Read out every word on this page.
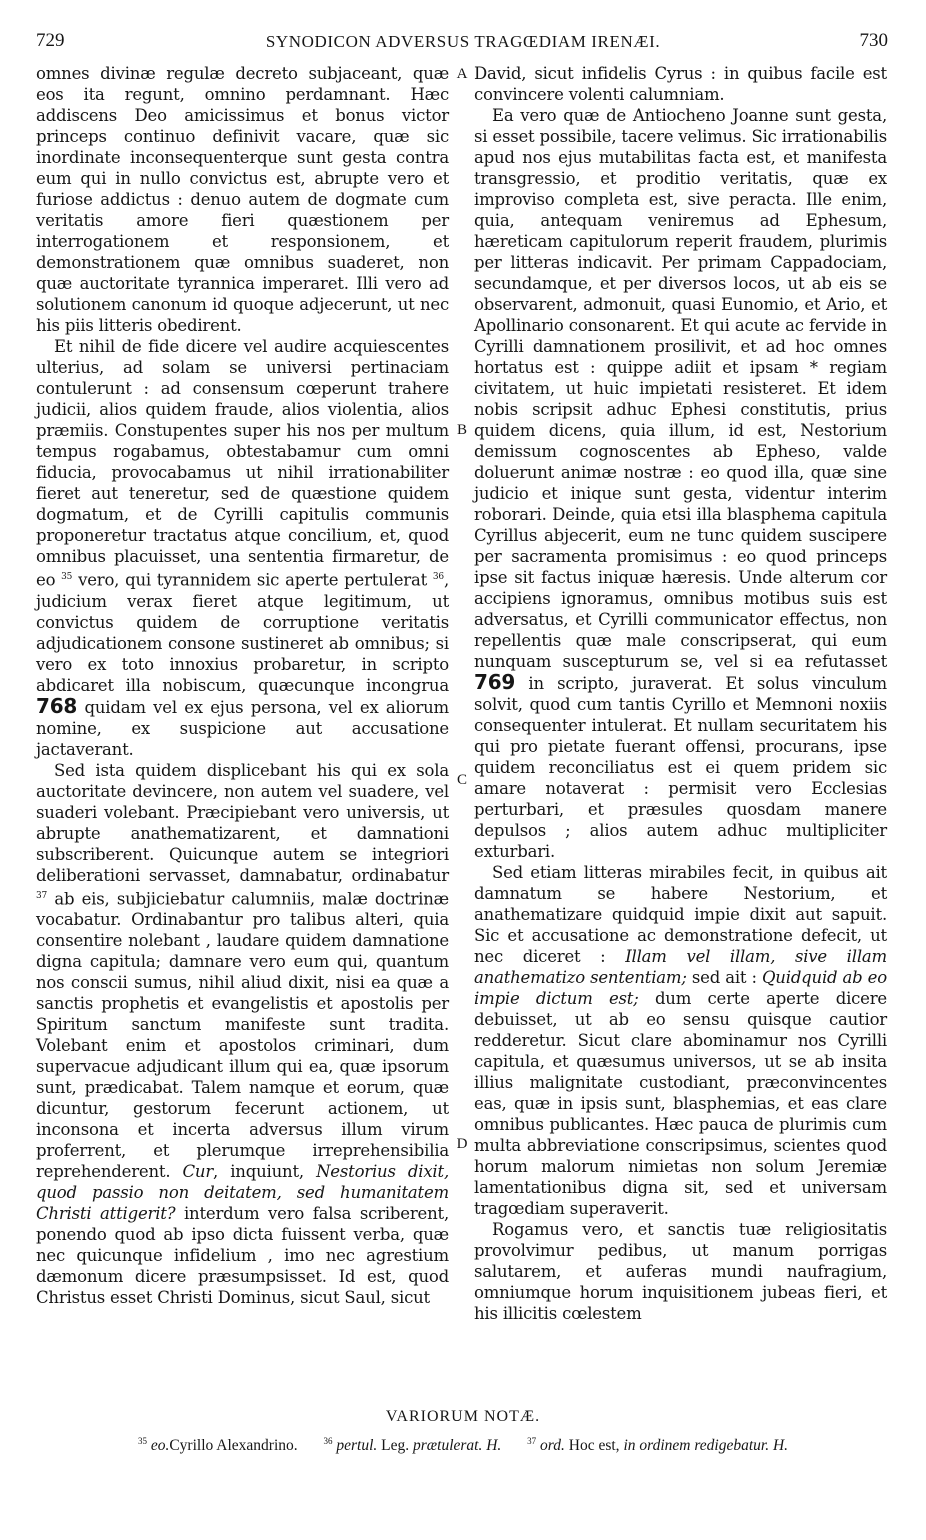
729	SYNODICON ADVERSUS TRAGŒDIAM IRENÆI.	730

omnes divinæ regulæ decreto subjaceant, quæ eos ita regunt, omnino perdamnant. Hæc addiscens Deo amicissimus et bonus victor princeps continuo definivit vacare, quæ sic inordinate inconsequenterque sunt gesta contra eum qui in nullo convictus est, abrupte vero et furiose addictus : denuo autem de dogmate cum veritatis amore fieri quæstionem per interrogationem et responsionem, et demonstrationem quæ omnibus suaderet, non quæ auctoritate tyrannica imperaret. Illi vero ad solutionem canonum id quoque adjecerunt, ut nec his piis litteris obedirent.

Et nihil de fide dicere vel audire acquiescentes ulterius, ad solam se universi pertinaciam contulerunt : ad consensum cœperunt trahere judicii, alios quidem fraude, alios violentia, alios præmiis. Constupentes super his nos per multum tempus rogabamus, obtestabamur cum omni fiducia, provocabamus ut nihil irrationabiliter fieret aut teneretur, sed de quæstione quidem dogmatum, et de Cyrilli capitulis communis proponeretur tractatus atque concilium, et, quod omnibus placuisset, una sententia firmaretur, de eo $^{35}$ vero, qui tyrannidem sic aperte pertulerat $^{36}$, judicium verax fieret atque legitimum, ut convictus quidem de corruptione veritatis adjudicationem consone sustineret ab omnibus; si vero ex toto innoxius probaretur, in scripto abdicaret illa nobiscum, quæcunque incongrua 768 quidam vel ex ejus persona, vel ex aliorum nomine, ex suspicione aut accusatione jactaverant.

Sed ista quidem displicebant his qui ex sola auctoritate devincere, non autem vel suadere, vel suaderi volebant. Præcipiebant vero universis, ut abrupte anathematizarent, et damnationi subscriberent. Quicunque autem se integriori deliberationi servasset, damnabatur, ordinabatur $^{37}$ ab eis, subjiciebatur calumniis, malæ doctrinæ vocabatur. Ordinabantur pro talibus alteri, quia consentire nolebant , laudare quidem damnatione digna capitula; damnare vero eum qui, quantum nos conscii sumus, nihil aliud dixit, nisi ea quæ a sanctis prophetis et evangelistis et apostolis per Spiritum sanctum manifeste sunt tradita. Volebant enim et apostolos criminari, dum supervacue adjudicant illum qui ea, quæ ipsorum sunt, prædicabat. Talem namque et eorum, quæ dicuntur, gestorum fecerunt actionem, ut inconsona et incerta adversus illum virum proferrent, et plerumque irreprehensibilia reprehenderent. Cur, inquiunt, Nestorius dixit, quod passio non deitatem, sed humanitatem Christi attigerit? interdum vero falsa scriberent, ponendo quod ab ipso dicta fuissent verba, quæ nec quicunque infidelium , imo nec agrestium dæmonum dicere præsumpsisset. Id est, quod Christus esset Christi Dominus, sicut Saul, sicut

A
B
C
D

David, sicut infidelis Cyrus : in quibus facile est convincere volenti calumniam.

Ea vero quæ de Antiocheno Joanne sunt gesta, si esset possibile, tacere velimus. Sic irrationabilis apud nos ejus mutabilitas facta est, et manifesta transgressio, et proditio veritatis, quæ ex improviso completa est, sive peracta. Ille enim, quia, antequam veniremus ad Ephesum, hæreticam capitulorum reperit fraudem, plurimis per litteras indicavit. Per primam Cappadociam, secundamque, et per diversos locos, ut ab eis se observarent, admonuit, quasi Eunomio, et Ario, et Apollinario consonarent. Et qui acute ac fervide in Cyrilli damnationem prosilivit, et ad hoc omnes hortatus est : quippe adiit et ipsam * regiam civitatem, ut huic impietati resisteret. Et idem nobis scripsit adhuc Ephesi constitutis, prius quidem dicens, quia illum, id est, Nestorium demissum cognoscentes ab Epheso, valde doluerunt animæ nostræ : eo quod illa, quæ sine judicio et inique sunt gesta, videntur interim roborari. Deinde, quia etsi illa blasphema capitula Cyrillus abjecerit, eum ne tunc quidem suscipere per sacramenta promisimus : eo quod princeps ipse sit factus iniquæ hæresis. Unde alterum cor accipiens ignoramus, omnibus motibus suis est adversatus, et Cyrilli communicator effectus, non repellentis quæ male conscripserat, qui eum nunquam suscepturum se, vel si ea refutasset 769 in scripto, juraverat. Et solus vinculum solvit, quod cum tantis Cyrillo et Memnoni noxiis consequenter intulerat. Et nullam securitatem his qui pro pietate fuerant offensi, procurans, ipse quidem reconciliatus est ei quem pridem sic amare notaverat : permisit vero Ecclesias perturbari, et præsules quosdam manere depulsos ; alios autem adhuc multipliciter exturbari.

Sed etiam litteras mirabiles fecit, in quibus ait damnatum se habere Nestorium, et anathematizare quidquid impie dixit aut sapuit. Sic et accusatione ac demonstratione defecit, ut nec diceret : Illam vel illam, sive illam anathematizo sententiam; sed ait : Quidquid ab eo impie dictum est; dum certe aperte dicere debuisset, ut ab eo sensu quisque cautior redderetur. Sicut clare abominamur nos Cyrilli capitula, et quæsumus universos, ut se ab insita illius malignitate custodiant, præconvincentes eas, quæ in ipsis sunt, blasphemias, et eas clare omnibus publicantes. Hæc pauca de plurimis cum multa abbreviatione conscripsimus, scientes quod horum malorum nimietas non solum Jeremiæ lamentationibus digna sit, sed et universam tragœdiam superaverit.

Rogamus vero, et sanctis tuæ religiositatis provolvimur pedibus, ut manum porrigas salutarem, et auferas mundi naufragium, omniumque horum inquisitionem jubeas fieri, et his illicitis cœlestem

VARIORUM NOTÆ.
$^{35}$ eo.Cyrillo Alexandrino.	$^{36}$ pertul. Leg. prætulerat. H.	$^{37}$ ord. Hoc est, in ordinem redigebatur. H.
